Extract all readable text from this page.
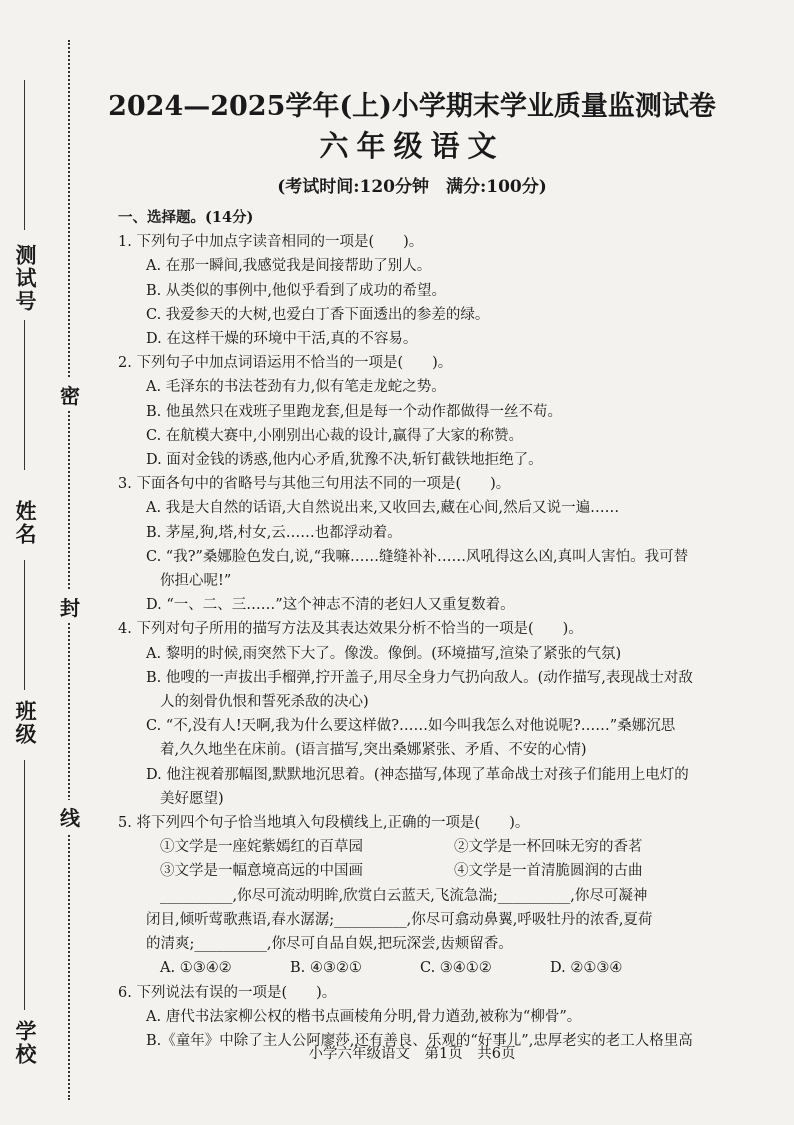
测试号
姓名
班级
学校
密
封
线
2024—2025学年(上)小学期末学业质量监测试卷
六年级语文
(考试时间:120分钟　满分:100分)
一、选择题。(14分)
1. 下列句子中加点字读音相同的一项是(　　)。
A. 在那一瞬间,我感觉我是间接帮助了别人。
B. 从类似的事例中,他似乎看到了成功的希望。
C. 我爱参天的大树,也爱白丁香下面透出的参差的绿。
D. 在这样干燥的环境中干活,真的不容易。
2. 下列句子中加点词语运用不恰当的一项是(　　)。
A. 毛泽东的书法苍劲有力,似有笔走龙蛇之势。
B. 他虽然只在戏班子里跑龙套,但是每一个动作都做得一丝不苟。
C. 在航模大赛中,小刚别出心裁的设计,赢得了大家的称赞。
D. 面对金钱的诱惑,他内心矛盾,犹豫不决,斩钉截铁地拒绝了。
3. 下面各句中的省略号与其他三句用法不同的一项是(　　)。
A. 我是大自然的话语,大自然说出来,又收回去,藏在心间,然后又说一遍……
B. 茅屋,狗,塔,村女,云……也都浮动着。
C. “我?”桑娜脸色发白,说,“我嘛……缝缝补补……风吼得这么凶,真叫人害怕。我可替
你担心呢!”
D. “一、二、三……”这个神志不清的老妇人又重复数着。
4. 下列对句子所用的描写方法及其表达效果分析不恰当的一项是(　　)。
A. 黎明的时候,雨突然下大了。像泼。像倒。(环境描写,渲染了紧张的气氛)
B. 他嗖的一声拔出手榴弹,拧开盖子,用尽全身力气扔向敌人。(动作描写,表现战士对敌
人的刻骨仇恨和誓死杀敌的决心)
C. “不,没有人!天啊,我为什么要这样做?……如今叫我怎么对他说呢?……”桑娜沉思
着,久久地坐在床前。(语言描写,突出桑娜紧张、矛盾、不安的心情)
D. 他注视着那幅图,默默地沉思着。(神态描写,体现了革命战士对孩子们能用上电灯的
美好愿望)
5. 将下列四个句子恰当地填入句段横线上,正确的一项是(　　)。
①文学是一座姹紫嫣红的百草园	②文学是一杯回味无穷的香茗
③文学是一幅意境高远的中国画	④文学是一首清脆圆润的古曲
__________,你尽可流动明眸,欣赏白云蓝天,飞流急湍;__________,你尽可凝神
闭目,倾听莺歌燕语,春水潺潺;__________,你尽可翕动鼻翼,呼吸牡丹的浓香,夏荷
的清爽;__________,你尽可自品自娱,把玩深尝,齿颊留香。
A. ①③④②	B. ④③②①	C. ③④①②	D. ②①③④
6. 下列说法有误的一项是(　　)。
A. 唐代书法家柳公权的楷书点画棱角分明,骨力遒劲,被称为“柳骨”。
B.《童年》中除了主人公阿廖莎,还有善良、乐观的“好事儿”,忠厚老实的老工人格里高
小学六年级语文　第1页　共6页
